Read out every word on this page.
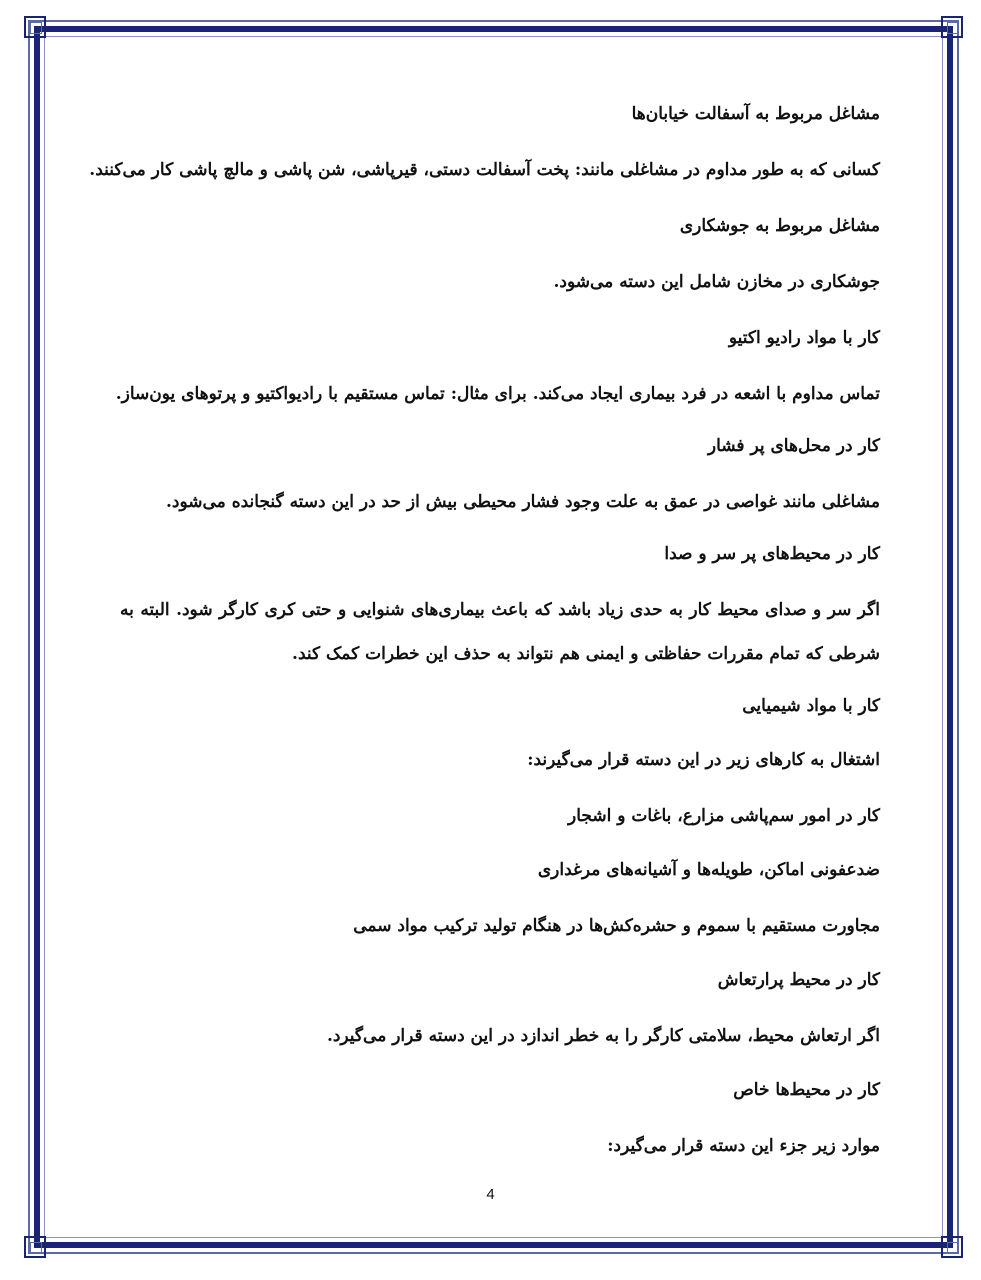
مشاغل مربوط به آسفالت خیابان‌ها
کسانی که به طور مداوم در مشاغلی مانند: پخت آسفالت دستی، قیرپاشی، شن پاشی و مالچ پاشی کار می‌کنند.
مشاغل مربوط به جوشکاری
جوشکاری در مخازن شامل این دسته می‌شود.
کار با مواد رادیو اکتیو
تماس مداوم با اشعه در فرد بیماری ایجاد می‌کند. برای مثال: تماس مستقیم با رادیواکتیو و پرتوهای یون‌ساز.
کار در محل‌های پر فشار
مشاغلی مانند غواصی در عمق به علت وجود فشار محیطی بیش از حد در این دسته گنجانده می‌شود.
کار در محیط‌های پر سر و صدا
اگر سر و صدای محیط کار به حدی زیاد باشد که باعث بیماری‌های شنوایی و حتی کری کارگر شود. البته به شرطی که تمام مقررات حفاظتی و ایمنی هم نتواند به حذف این خطرات کمک کند.
کار با مواد شیمیایی
اشتغال به کارهای زیر در این دسته قرار می‌گیرند:
کار در امور سم‌پاشی مزارع، باغات و اشجار
ضدعفونی اماکن، طویله‌ها و آشیانه‌های مرغداری
مجاورت مستقیم با سموم و حشره‌کش‌ها در هنگام تولید ترکیب مواد سمی
کار در محیط پرارتعاش
اگر ارتعاش محیط، سلامتی کارگر را به خطر اندازد در این دسته قرار می‌گیرد.
کار در محیط‌ها خاص
موارد زیر جزء این دسته قرار می‌گیرد:
4
